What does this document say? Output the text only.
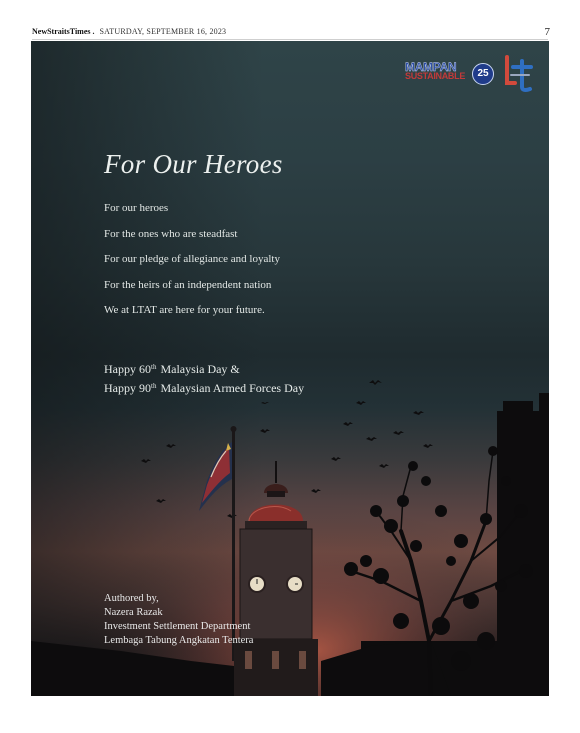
NewStraitsTimes . SATURDAY, SEPTEMBER 16, 2023	7
MAMPAN
SUSTAINABLE	25
For Our Heroes
For our heroes
For the ones who are steadfast
For our pledge of allegiance and loyalty
For the heirs of an independent nation
We at LTAT are here for your future.
Happy 60th Malaysia Day &
Happy 90th Malaysian Armed Forces Day
Authored by,
Nazera Razak
Investment Settlement Department
Lembaga Tabung Angkatan Tentera
